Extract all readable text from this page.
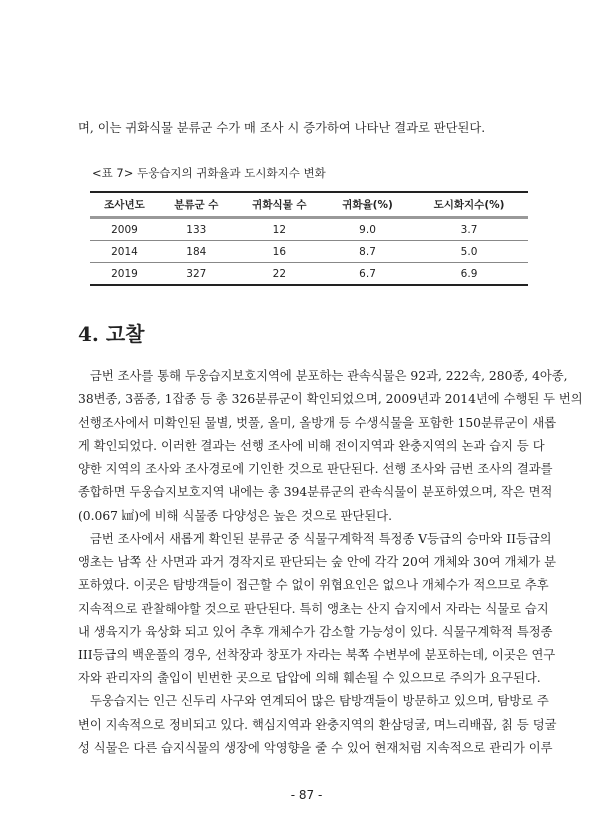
며, 이는 귀화식물 분류군 수가 매 조사 시 증가하여 나타난 결과로 판단된다.
<표 7> 두웅습지의 귀화율과 도시화지수 변화
조사년도	분류군 수	귀화식물 수	귀화율(%)	도시화지수(%)
2009	133	12	9.0	3.7
2014	184	16	8.7	5.0
2019	327	22	6.7	6.9
4. 고찰
금번 조사를 통해 두웅습지보호지역에 분포하는 관속식물은 92과, 222속, 280종, 4아종,
38변종, 3품종, 1잡종 등 총 326분류군이 확인되었으며, 2009년과 2014년에 수행된 두 번의
선행조사에서 미확인된 물별, 벗풀, 올미, 올방개 등 수생식물을 포함한 150분류군이 새롭
게 확인되었다. 이러한 결과는 선행 조사에 비해 전이지역과 완충지역의 논과 습지 등 다
양한 지역의 조사와 조사경로에 기인한 것으로 판단된다. 선행 조사와 금번 조사의 결과를
종합하면 두웅습지보호지역 내에는 총 394분류군의 관속식물이 분포하였으며, 작은 면적
(0.067 ㎢)에 비해 식물종 다양성은 높은 것으로 판단된다.
금번 조사에서 새롭게 확인된 분류군 중 식물구계학적 특정종 V등급의 승마와 II등급의
앵초는 남쪽 산 사면과 과거 경작지로 판단되는 숲 안에 각각 20여 개체와 30여 개체가 분
포하였다. 이곳은 탐방객들이 접근할 수 없이 위협요인은 없으나 개체수가 적으므로 추후
지속적으로 관찰해야할 것으로 판단된다. 특히 앵초는 산지 습지에서 자라는 식물로 습지
내 생육지가 육상화 되고 있어 추후 개체수가 감소할 가능성이 있다. 식물구계학적 특정종
III등급의 백운풀의 경우, 선착장과 창포가 자라는 북쪽 수변부에 분포하는데, 이곳은 연구
자와 관리자의 출입이 빈번한 곳으로 답압에 의해 훼손될 수 있으므로 주의가 요구된다.
두웅습지는 인근 신두리 사구와 연계되어 많은 탐방객들이 방문하고 있으며, 탐방로 주
변이 지속적으로 정비되고 있다. 핵심지역과 완충지역의 환삼덩굴, 며느리배꼽, 칡 등 덩굴
성 식물은 다른 습지식물의 생장에 악영향을 줄 수 있어 현재처럼 지속적으로 관리가 이루
- 87 -
